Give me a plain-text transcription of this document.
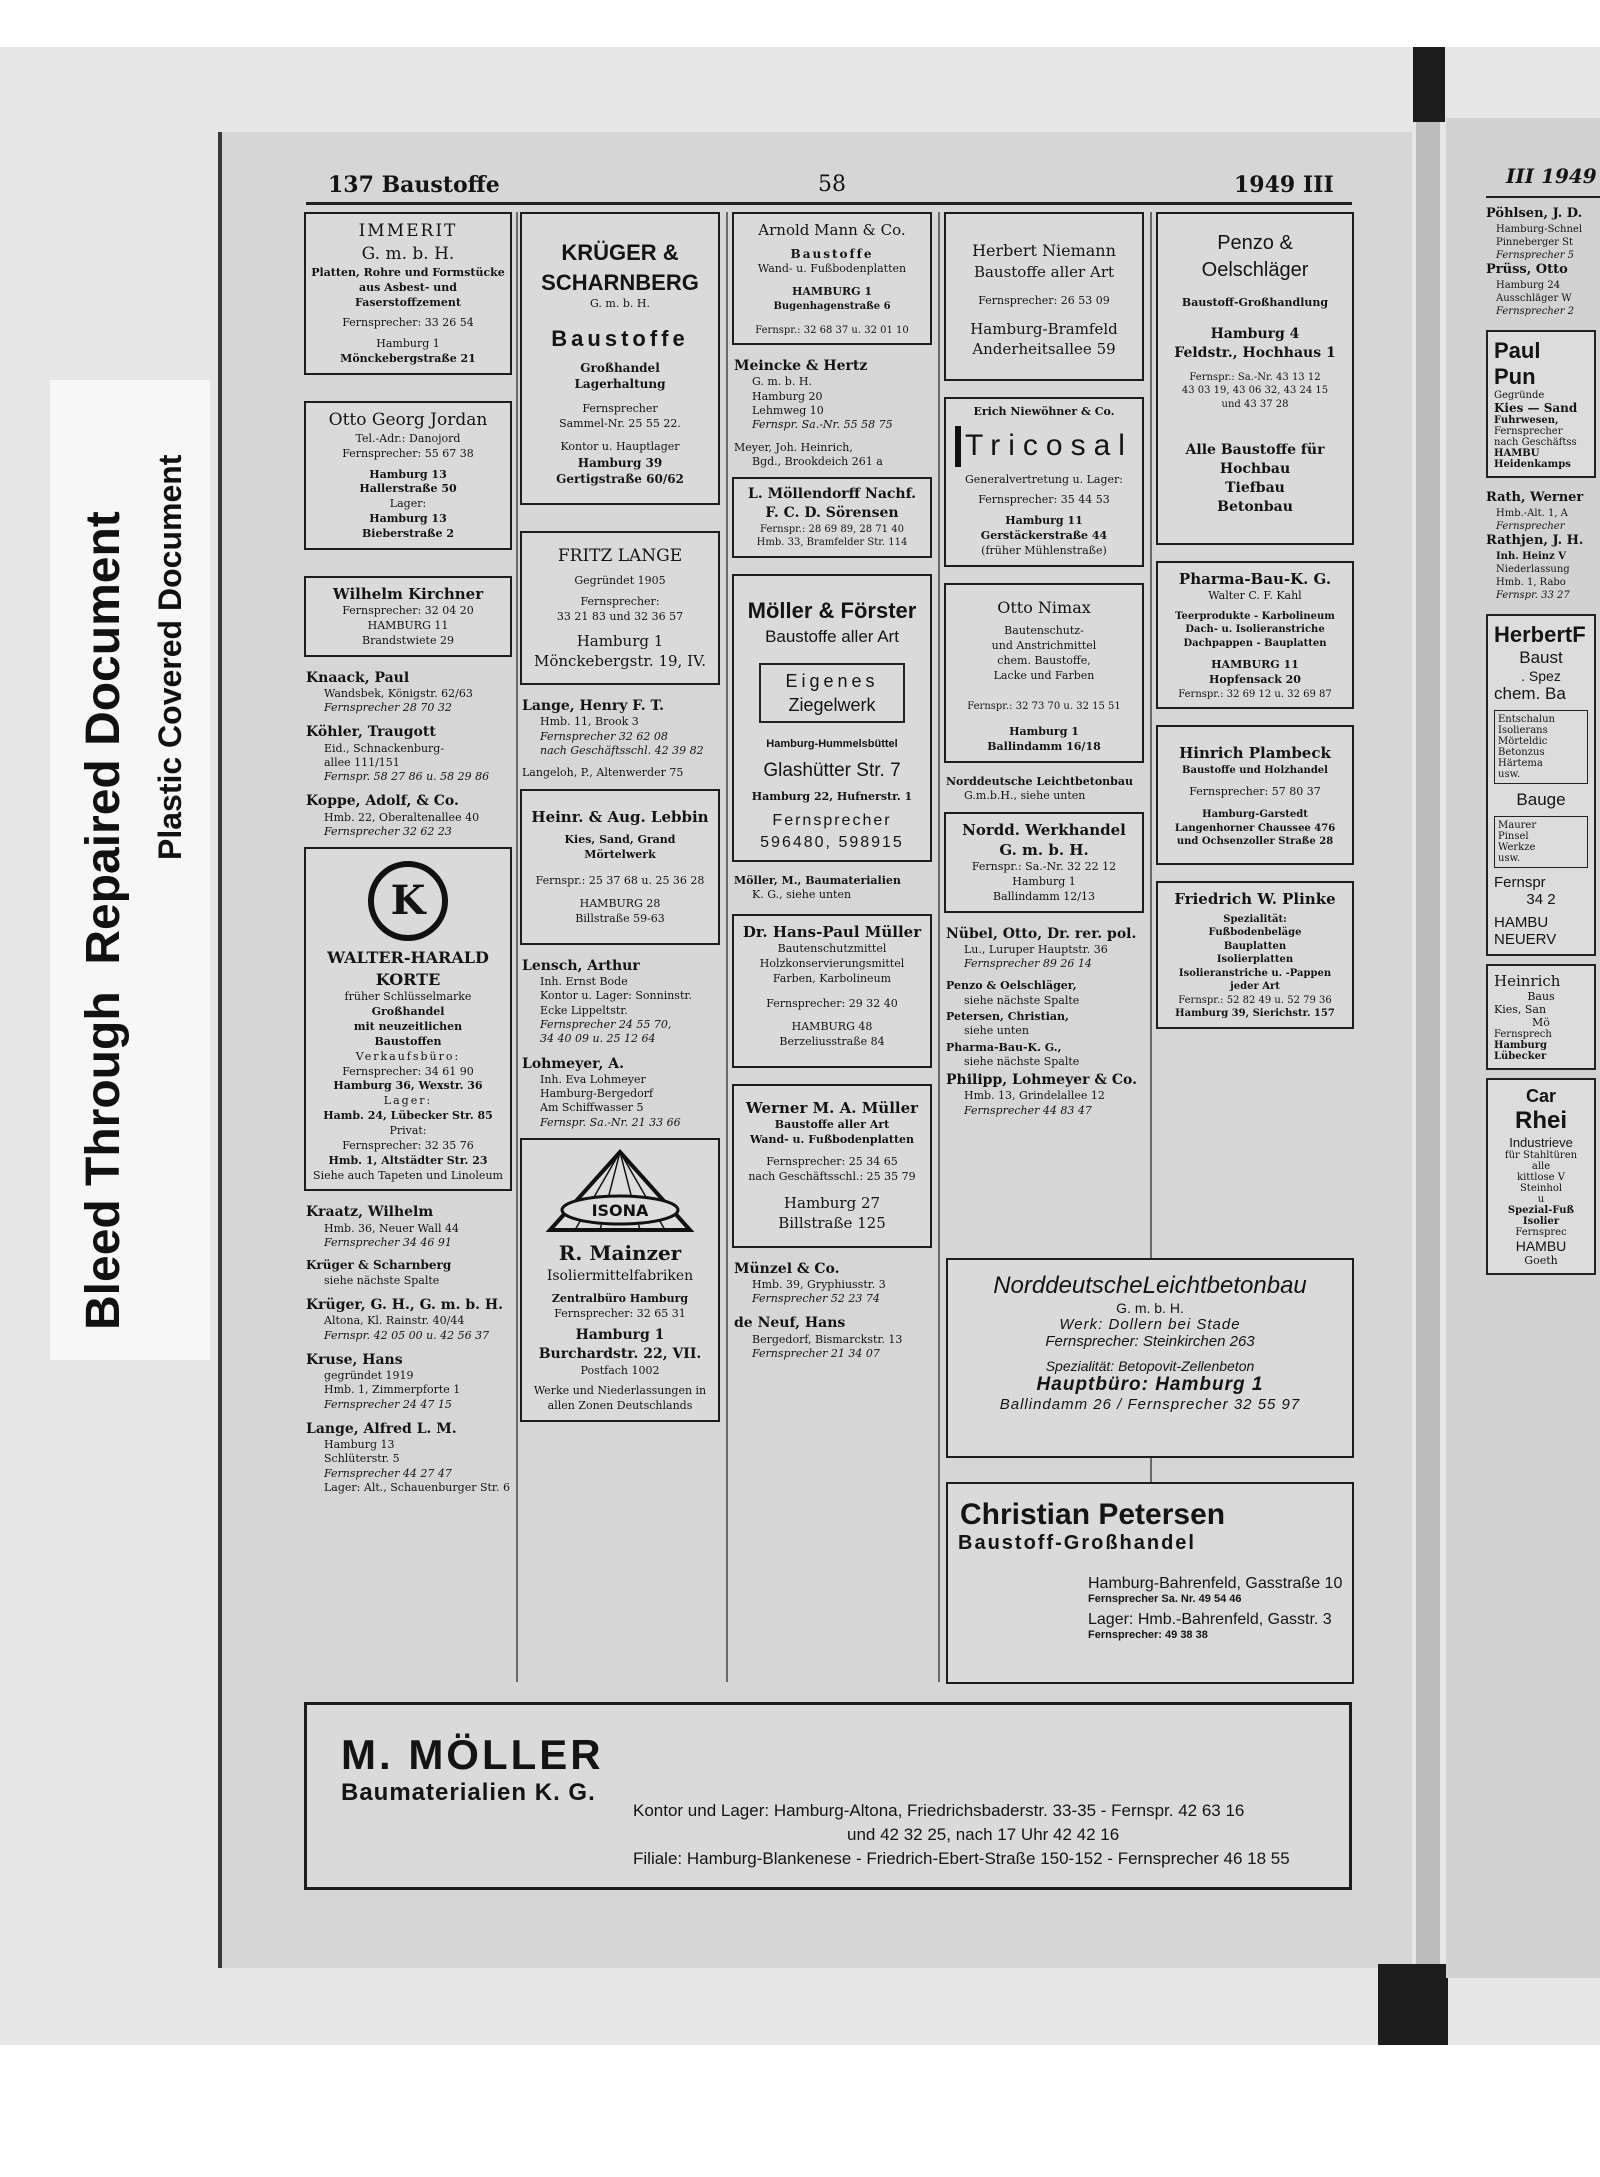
Bleed Through  Repaired Document Plastic Covered Document
137 Baustoffe	58	1949 III
IMMERIT
G. m. b. H.
Platten, Rohre und Formstücke aus Asbest- und Faserstoffzement
Fernsprecher: 33 26 54
Hamburg 1
Mönckebergstraße 21
Otto Georg Jordan
Tel.-Adr.: Danojord
Fernsprecher: 55 67 38
Hamburg 13
Hallerstraße 50
Lager:
Hamburg 13
Bieberstraße 2
Wilhelm Kirchner
Fernsprecher: 32 04 20
HAMBURG 11
Brandstwiete 29
Knaack, Paul
Wandsbek, Königstr. 62/63
Fernsprecher 28 70 32
Köhler, Traugott
Eid., Schnackenburg-
allee 111/151
Fernspr. 58 27 86 u. 58 29 86
Koppe, Adolf, & Co.
Hmb. 22, Oberaltenallee 40
Fernsprecher 32 62 23
K
WALTER-HARALD
KORTE
früher Schlüsselmarke
Großhandel
mit neuzeitlichen
Baustoffen
Verkaufsbüro:
Fernsprecher: 34 61 90
Hamburg 36, Wexstr. 36
Lager:
Hamb. 24, Lübecker Str. 85
Privat:
Fernsprecher: 32 35 76
Hmb. 1, Altstädter Str. 23
Siehe auch Tapeten und Linoleum
Kraatz, Wilhelm
Hmb. 36, Neuer Wall 44
Fernsprecher 34 46 91
Krüger & Scharnberg
siehe nächste Spalte
Krüger, G. H., G. m. b. H.
Altona, Kl. Rainstr. 40/44
Fernspr. 42 05 00 u. 42 56 37
Kruse, Hans
gegründet 1919
Hmb. 1, Zimmerpforte 1
Fernsprecher 24 47 15
Lange, Alfred L. M.
Hamburg 13
Schlüterstr. 5
Fernsprecher 44 27 47
Lager: Alt., Schauenburger Str. 6
KRÜGER &
SCHARNBERG
G. m. b. H.
Baustoffe
Großhandel
Lagerhaltung
Fernsprecher
Sammel-Nr. 25 55 22.
Kontor u. Hauptlager
Hamburg 39
Gertigstraße 60/62
FRITZ LANGE
Gegründet 1905
Fernsprecher:
33 21 83 und 32 36 57
Hamburg 1
Mönckebergstr. 19, IV.
Lange, Henry F. T.
Hmb. 11, Brook 3
Fernsprecher 32 62 08
nach Geschäftsschl. 42 39 82
Langeloh, P., Altenwerder 75
Heinr. & Aug. Lebbin
Kies, Sand, Grand
Mörtelwerk
Fernspr.: 25 37 68 u. 25 36 28
HAMBURG 28
Billstraße 59-63
Lensch, Arthur
Inh. Ernst Bode
Kontor u. Lager: Sonninstr.
Ecke Lippeltstr.
Fernsprecher 24 55 70,
34 40 09 u. 25 12 64
Lohmeyer, A.
Inh. Eva Lohmeyer
Hamburg-Bergedorf
Am Schiffwasser 5
Fernspr. Sa.-Nr. 21 33 66
ISONA
R. Mainzer
Isoliermittelfabriken
Zentralbüro Hamburg
Fernsprecher: 32 65 31
Hamburg 1
Burchardstr. 22, VII.
Postfach 1002
Werke und Niederlassungen in allen Zonen Deutschlands
Arnold Mann & Co.
Baustoffe
Wand- u. Fußbodenplatten
HAMBURG 1
Bugenhagenstraße 6
Fernspr.: 32 68 37 u. 32 01 10
Meincke & Hertz
G. m. b. H.
Hamburg 20
Lehmweg 10
Fernspr. Sa.-Nr. 55 58 75
Meyer, Joh. Heinrich,
Bgd., Brookdeich 261 a
L. Möllendorff Nachf.
F. C. D. Sörensen
Fernspr.: 28 69 89, 28 71 40
Hmb. 33, Bramfelder Str. 114
Möller & Förster
Baustoffe aller Art
Eigenes
Ziegelwerk
Hamburg-Hummelsbüttel
Glashütter Str. 7
Hamburg 22, Hufnerstr. 1
Fernsprecher
596480, 598915
Möller, M., Baumaterialien
K. G., siehe unten
Dr. Hans-Paul Müller
Bautenschutzmittel
Holzkonservierungsmittel
Farben, Karbolineum
Fernsprecher: 29 32 40
HAMBURG 48
Berzeliusstraße 84
Werner M. A. Müller
Baustoffe aller Art
Wand- u. Fußbodenplatten
Fernsprecher: 25 34 65
nach Geschäftsschl.: 25 35 79
Hamburg 27
Billstraße 125
Münzel & Co.
Hmb. 39, Gryphiusstr. 3
Fernsprecher 52 23 74
de Neuf, Hans
Bergedorf, Bismarckstr. 13
Fernsprecher 21 34 07
Herbert Niemann
Baustoffe aller Art
Fernsprecher: 26 53 09
Hamburg-Bramfeld
Anderheitsallee 59
Erich Niewöhner & Co.
Tricosal
Generalvertretung u. Lager:
Fernsprecher: 35 44 53
Hamburg 11
Gerstäckerstraße 44
(früher Mühlenstraße)
Otto Nimax
Bautenschutz-
und Anstrichmittel
chem. Baustoffe,
Lacke und Farben
Fernspr.: 32 73 70 u. 32 15 51
Hamburg 1
Ballindamm 16/18
Norddeutsche Leichtbetonbau
G.m.b.H., siehe unten
Nordd. Werkhandel
G. m. b. H.
Fernspr.: Sa.-Nr. 32 22 12
Hamburg 1
Ballindamm 12/13
Nübel, Otto, Dr. rer. pol.
Lu., Luruper Hauptstr. 36
Fernsprecher 89 26 14
Penzo & Oelschläger,
siehe nächste Spalte
Petersen, Christian,
siehe unten
Pharma-Bau-K. G.,
siehe nächste Spalte
Philipp, Lohmeyer & Co.
Hmb. 13, Grindelallee 12
Fernsprecher 44 83 47
Penzo & Oelschläger
Baustoff-Großhandlung
Hamburg 4
Feldstr., Hochhaus 1
Fernspr.: Sa.-Nr. 43 13 12
43 03 19, 43 06 32, 43 24 15
und 43 37 28
Alle Baustoffe für
Hochbau
Tiefbau
Betonbau
Pharma-Bau-K. G.
Walter C. F. Kahl
Teerprodukte - Karbolineum
Dach- u. Isolieranstriche
Dachpappen - Bauplatten
HAMBURG 11
Hopfensack 20
Fernspr.: 32 69 12 u. 32 69 87
Hinrich Plambeck
Baustoffe und Holzhandel
Fernsprecher: 57 80 37
Hamburg-Garstedt
Langenhorner Chaussee 476
und Ochsenzoller Straße 28
Friedrich W. Plinke
Spezialität:
Fußbodenbeläge
Bauplatten
Isolierplatten
Isolieranstriche u. -Pappen
jeder Art
Fernspr.: 52 82 49 u. 52 79 36
Hamburg 39, Sierichstr. 157
NorddeutscheLeichtbetonbau
G. m. b. H.
Werk: Dollern bei Stade
Fernsprecher: Steinkirchen 263
Spezialität: Betopovit-Zellenbeton
Hauptbüro: Hamburg 1
Ballindamm 26 / Fernsprecher 32 55 97
Christian Petersen
Baustoff-Großhandel
Hamburg-Bahrenfeld, Gasstraße 10
Fernsprecher Sa. Nr. 49 54 46
Lager: Hmb.-Bahrenfeld, Gasstr. 3
Fernsprecher: 49 38 38
M. MÖLLER
Baumaterialien K. G.
Kontor und Lager: Hamburg-Altona, Friedrichsbaderstr. 33-35 - Fernspr. 42 63 16
und 42 32 25, nach 17 Uhr 42 42 16
Filiale: Hamburg-Blankenese - Friedrich-Ebert-Straße 150-152 - Fernsprecher 46 18 55
III 1949
Pöhlsen, J. D.
Hamburg-Schnel
Pinneberger St
Fernsprecher 5
Prüss, Otto
Hamburg 24
Ausschläger W
Fernsprecher 2
Paul Pun
Gegründe
Kies — Sand
Fuhrwesen,
Fernsprecher
nach Geschäftss
HAMBU
Heidenkamps
Rath, Werner
Hmb.-Alt. 1, A
Fernsprecher
Rathjen, J. H.
Inh. Heinz V
Niederlassung
Hmb. 1, Rabo
Fernspr. 33 27
HerbertF
Baust
. Spez
chem. Ba
Entschalun
Isolierans
Mörteldic
Betonzus
Härtema
usw.
Bauge
Maurer
Pinsel
Werkze
usw.
Fernspr
34 2
HAMBU
NEUERV
Heinrich
Baus
Kies, San
Mö
Fernsprech
Hamburg
Lübecker
Car
Rhei
Industrieve
für Stahltüren
alle
kittlose V
Steinhol
u
Spezial-Fuß
Isolier
Fernsprec
HAMBU
Goeth
